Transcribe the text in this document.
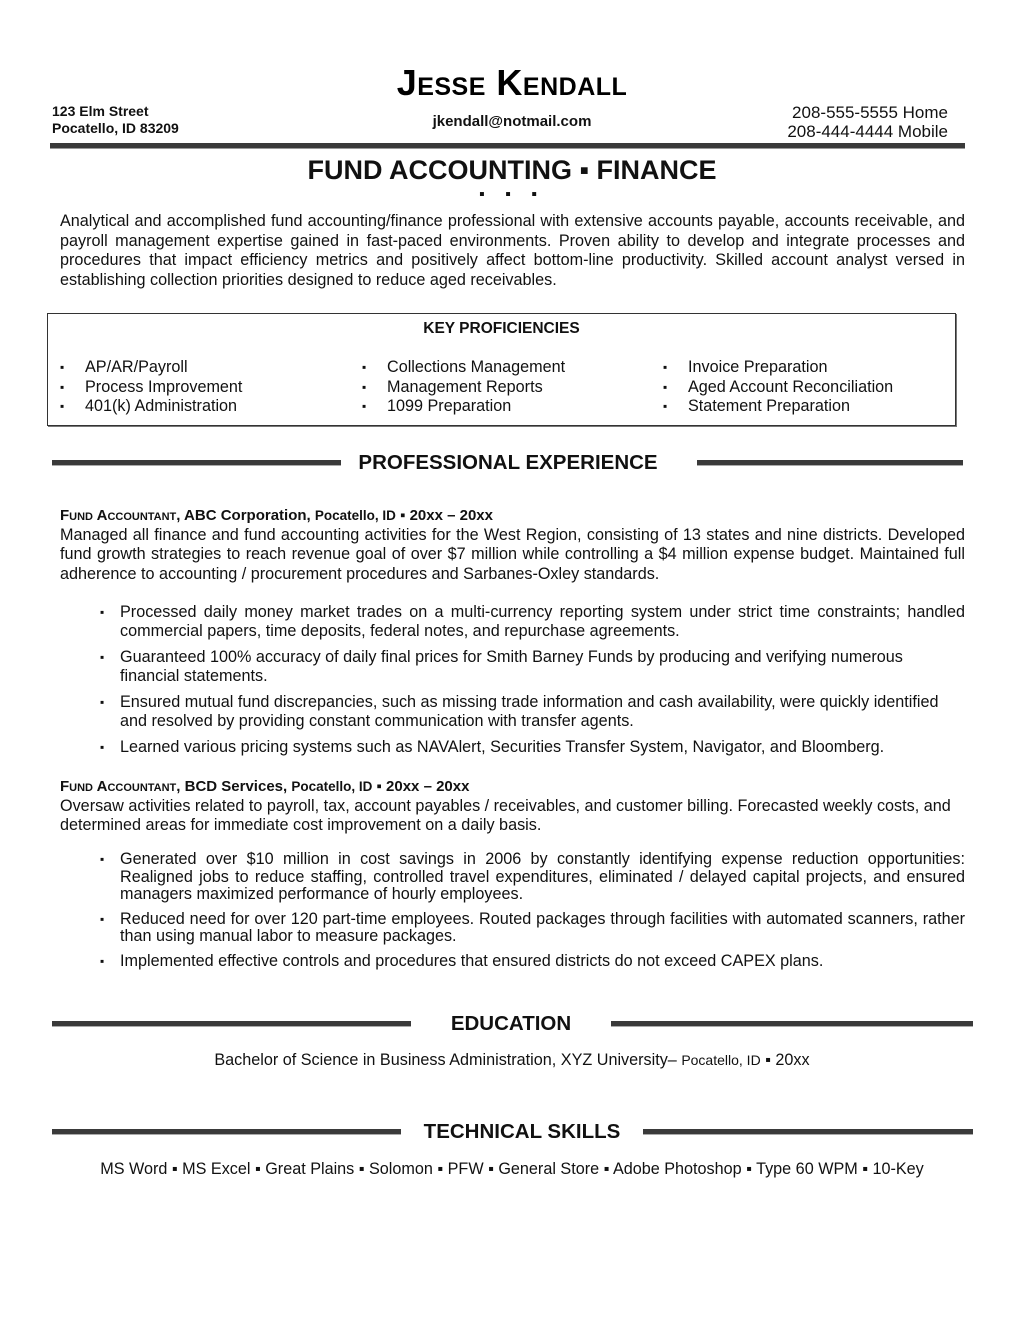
Jesse Kendall
123 Elm Street
Pocatello, ID 83209	jkendall@notmail.com	208-555-5555 Home
208-444-4444 Mobile
FUND ACCOUNTING ▪ FINANCE
▪ ▪ ▪
Analytical and accomplished fund accounting/finance professional with extensive accounts payable, accounts receivable, and payroll management expertise gained in fast-paced environments. Proven ability to develop and integrate processes and procedures that impact efficiency metrics and positively affect bottom-line productivity. Skilled account analyst versed in establishing collection priorities designed to reduce aged receivables.
KEY PROFICIENCIES
▪ AP/AR/Payroll
▪ Process Improvement
▪ 401(k) Administration
▪ Collections Management
▪ Management Reports
▪ 1099 Preparation
▪ Invoice Preparation
▪ Aged Account Reconciliation
▪ Statement Preparation
PROFESSIONAL EXPERIENCE
Fund Accountant, ABC Corporation, Pocatello, ID ▪ 20xx – 20xx
Managed all finance and fund accounting activities for the West Region, consisting of 13 states and nine districts. Developed fund growth strategies to reach revenue goal of over $7 million while controlling a $4 million expense budget. Maintained full adherence to accounting / procurement procedures and Sarbanes-Oxley standards.
▪ Processed daily money market trades on a multi-currency reporting system under strict time constraints; handled commercial papers, time deposits, federal notes, and repurchase agreements.
▪ Guaranteed 100% accuracy of daily final prices for Smith Barney Funds by producing and verifying numerous financial statements.
▪ Ensured mutual fund discrepancies, such as missing trade information and cash availability, were quickly identified and resolved by providing constant communication with transfer agents.
▪ Learned various pricing systems such as NAVAlert, Securities Transfer System, Navigator, and Bloomberg.
Fund Accountant, BCD Services, Pocatello, ID ▪ 20xx – 20xx
Oversaw activities related to payroll, tax, account payables / receivables, and customer billing. Forecasted weekly costs, and determined areas for immediate cost improvement on a daily basis.
▪ Generated over $10 million in cost savings in 2006 by constantly identifying expense reduction opportunities: Realigned jobs to reduce staffing, controlled travel expenditures, eliminated / delayed capital projects, and ensured managers maximized performance of hourly employees.
▪ Reduced need for over 120 part-time employees. Routed packages through facilities with automated scanners, rather than using manual labor to measure packages.
▪ Implemented effective controls and procedures that ensured districts do not exceed CAPEX plans.
EDUCATION
Bachelor of Science in Business Administration, XYZ University– Pocatello, ID ▪ 20xx
TECHNICAL SKILLS
MS Word ▪ MS Excel ▪ Great Plains ▪ Solomon ▪ PFW ▪ General Store ▪ Adobe Photoshop ▪ Type 60 WPM ▪ 10-Key
